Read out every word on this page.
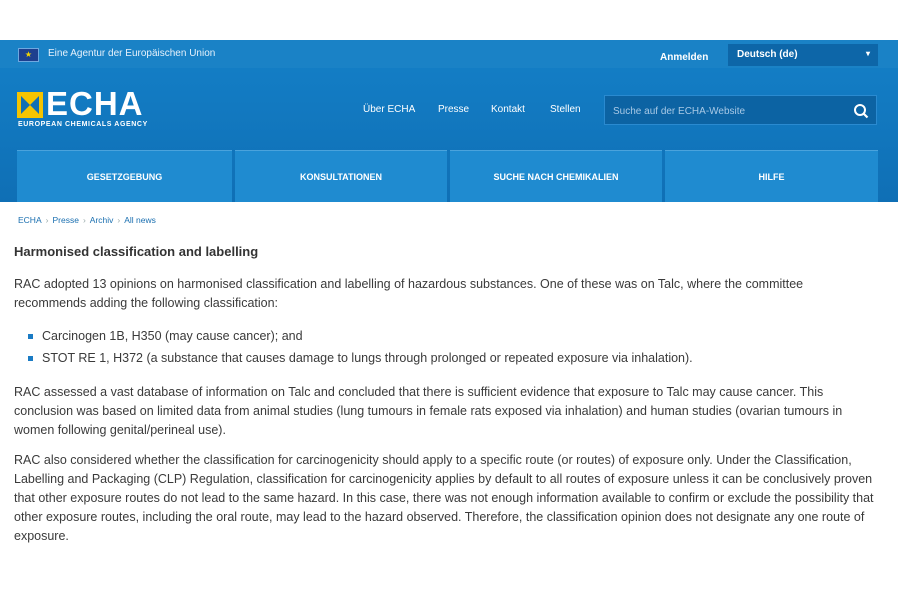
★ Eine Agentur der Europäischen Union	Anmelden	Deutsch (de)	▾
ECHA
EUROPEAN CHEMICALS AGENCY
Über ECHA Presse Kontakt	Stellen
Suche auf der ECHA-Website
GESETZGEBUNG	KONSULTATIONEN	SUCHE NACH CHEMIKALIEN	HILFE
ECHA › Presse › Archiv › All news
Harmonised classification and labelling

RAC adopted 13 opinions on harmonised classification and labelling of hazardous substances. One of these was on Talc, where the committee recommends adding the following classification:

Carcinogen 1B, H350 (may cause cancer); and
STOT RE 1, H372 (a substance that causes damage to lungs through prolonged or repeated exposure via inhalation).

RAC assessed a vast database of information on Talc and concluded that there is sufficient evidence that exposure to Talc may cause cancer. This conclusion was based on limited data from animal studies (lung tumours in female rats exposed via inhalation) and human studies (ovarian tumours in women following genital/perineal use).

RAC also considered whether the classification for carcinogenicity should apply to a specific route (or routes) of exposure only. Under the Classification, Labelling and Packaging (CLP) Regulation, classification for carcinogenicity applies by default to all routes of exposure unless it can be conclusively proven that other exposure routes do not lead to the same hazard. In this case, there was not enough information available to confirm or exclude the possibility that other exposure routes, including the oral route, may lead to the hazard observed. Therefore, the classification opinion does not designate any one route of exposure.
